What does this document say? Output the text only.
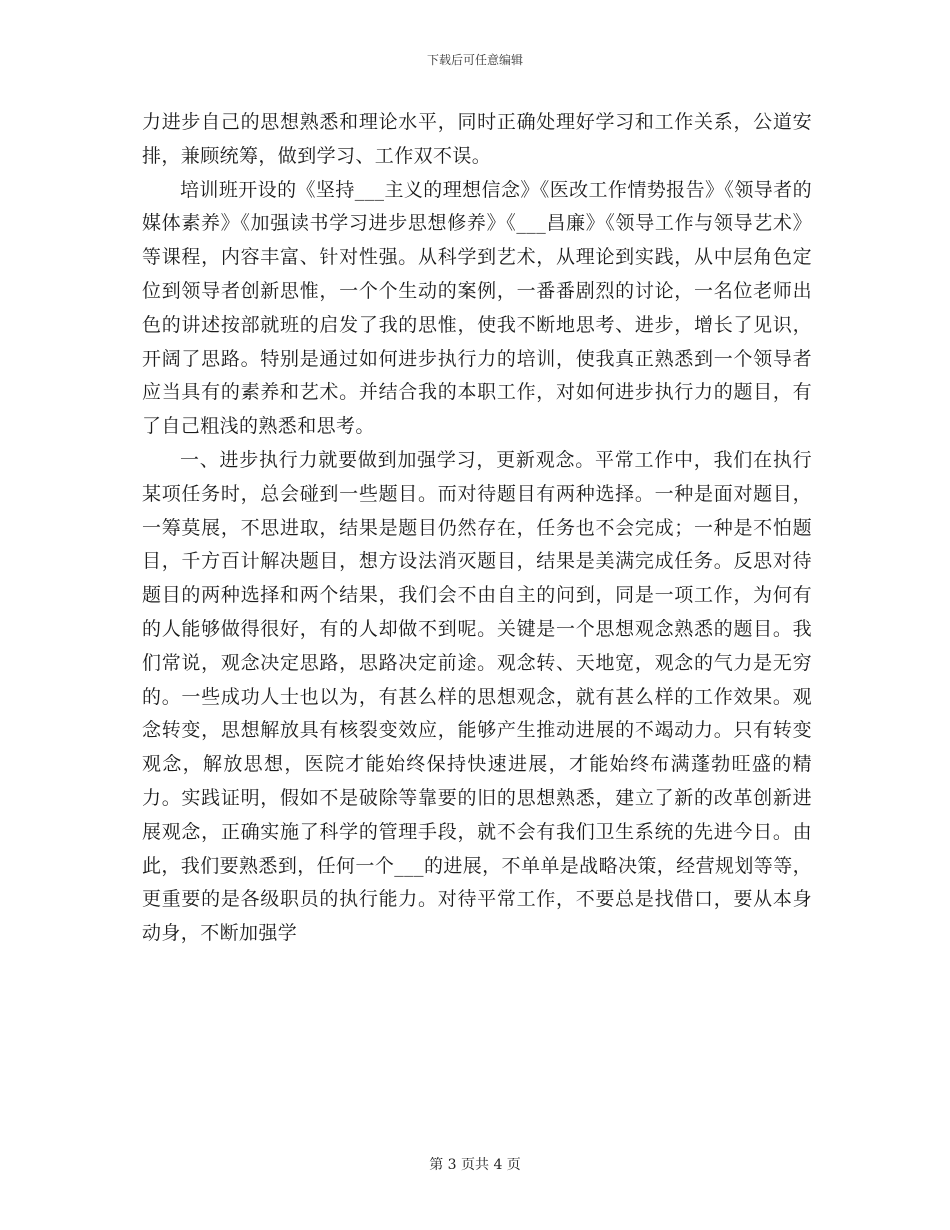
下载后可任意编辑

力进步自己的思想熟悉和理论水平，同时正确处理好学习和工作关系，公道安排，兼顾统筹，做到学习、工作双不误。

培训班开设的《坚持___主义的理想信念》《医改工作情势报告》《领导者的媒体素养》《加强读书学习进步思想修养》《___昌廉》《领导工作与领导艺术》等课程，内容丰富、针对性强。从科学到艺术，从理论到实践，从中层角色定位到领导者创新思惟，一个个生动的案例，一番番剧烈的讨论，一名位老师出色的讲述按部就班的启发了我的思惟，使我不断地思考、进步，增长了见识，开阔了思路。特别是通过如何进步执行力的培训，使我真正熟悉到一个领导者应当具有的素养和艺术。并结合我的本职工作，对如何进步执行力的题目，有了自己粗浅的熟悉和思考。

一、进步执行力就要做到加强学习，更新观念。平常工作中，我们在执行某项任务时，总会碰到一些题目。而对待题目有两种选择。一种是面对题目，一筹莫展，不思进取，结果是题目仍然存在，任务也不会完成；一种是不怕题目，千方百计解决题目，想方设法消灭题目，结果是美满完成任务。反思对待题目的两种选择和两个结果，我们会不由自主的问到，同是一项工作，为何有的人能够做得很好，有的人却做不到呢。关键是一个思想观念熟悉的题目。我们常说，观念决定思路，思路决定前途。观念转、天地宽，观念的气力是无穷的。一些成功人士也以为，有甚么样的思想观念，就有甚么样的工作效果。观念转变，思想解放具有核裂变效应，能够产生推动进展的不竭动力。只有转变观念，解放思想，医院才能始终保持快速进展，才能始终布满蓬勃旺盛的精力。实践证明，假如不是破除等靠要的旧的思想熟悉，建立了新的改革创新进展观念，正确实施了科学的管理手段，就不会有我们卫生系统的先进今日。由此，我们要熟悉到，任何一个___的进展，不单单是战略决策，经营规划等等，更重要的是各级职员的执行能力。对待平常工作，不要总是找借口，要从本身动身，不断加强学

第 3 页共 4 页
